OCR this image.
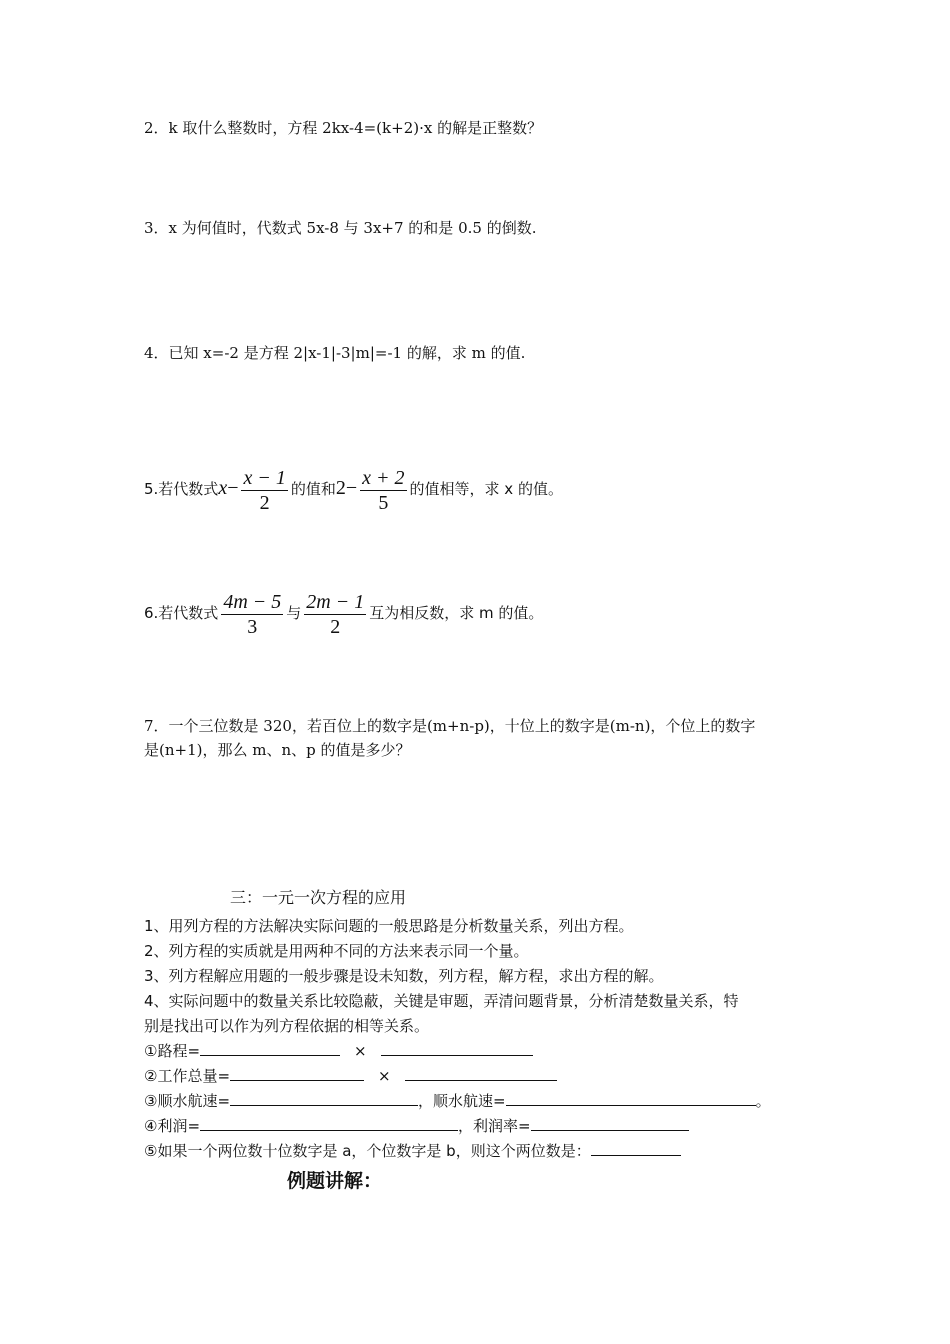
2．k 取什么整数时，方程 2kx-4=(k+2)·x 的解是正整数？
3．x 为何值时，代数式 5x-8 与 3x+7 的和是 0.5 的倒数.
4．已知 x=-2 是方程 2|x-1|-3|m|=-1 的解，求 m 的值.
5.若代数式$x- \frac{x - 1}{2}$ 的值和$2- \frac{x + 2}{5}$ 的值相等，求 x 的值。
6.若代数式 $\frac{4m - 5}{3}$ 与 $\frac{2m - 1}{2}$ 互为相反数，求 m 的值。
7．一个三位数是 320，若百位上的数字是(m+n-p)，十位上的数字是(m-n)，个位上的数字
是(n+1)，那么 m、n、p 的值是多少？
三：一元一次方程的应用
1、用列方程的方法解决实际问题的一般思路是分析数量关系，列出方程。
2、列方程的实质就是用两种不同的方法来表示同一个量。
3、列方程解应用题的一般步骤是设未知数，列方程，解方程，求出方程的解。
4、实际问题中的数量关系比较隐蔽，关键是审题，弄清问题背景，分析清楚数量关系，特
别是找出可以作为列方程依据的相等关系。
①路程=	×
②工作总量=	×
③顺水航速=	，顺水航速=	。
④利润=	，利润率=
⑤如果一个两位数十位数字是 a，个位数字是 b，则这个两位数是：
例题讲解：
